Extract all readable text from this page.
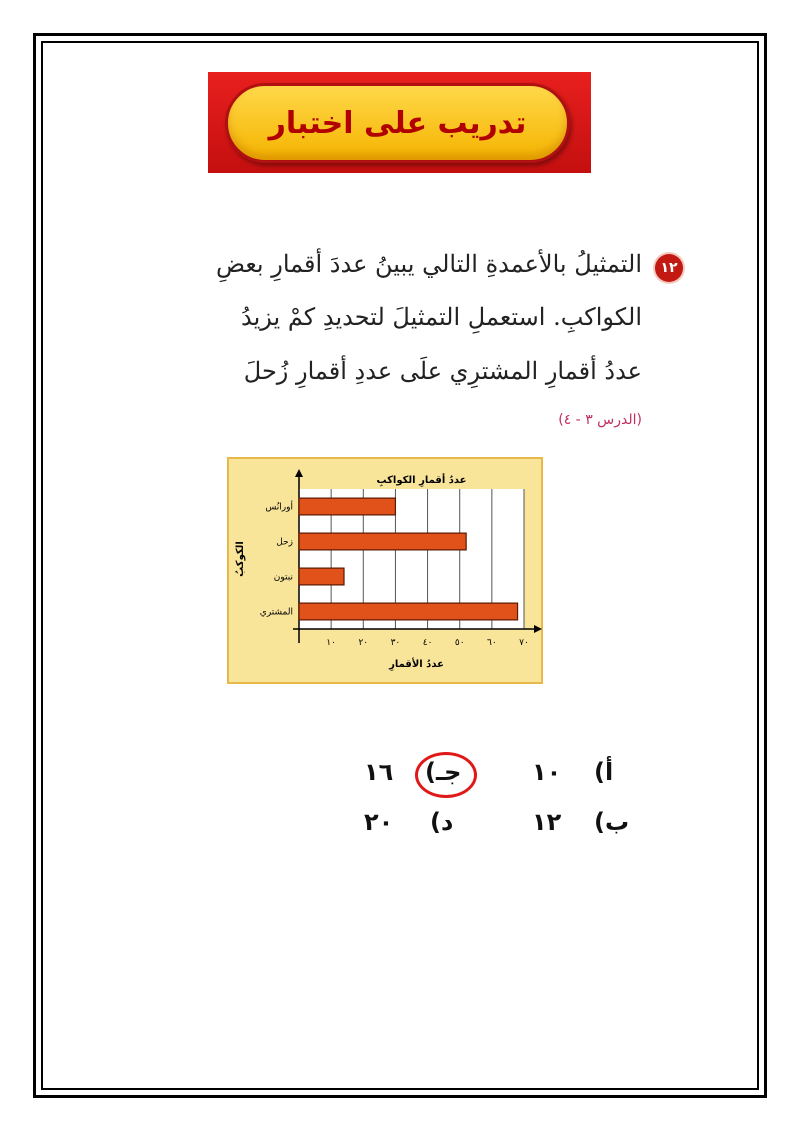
تدريب على اختبار
١٢
التمثيلُ بالأعمدةِ التالي يبينُ عددَ أقمارِ بعضِ
الكواكبِ. استعملِ التمثيلَ لتحديدِ كمْ يزيدُ
عددُ أقمارِ المشترِي علَى عددِ أقمارِ زُحلَ
(الدرس ٣ - ٤)
أورانُس
زحل
نبتون
المشتري
٠	١٠ ٢٠ ٣٠ ٤٠ ٥٠ ٦٠ ٧٠
عددُ أقمارِ الكواكبِ
عددُ الأقمارِ
الكوكبُ
أ)
١٠
جـ)
١٦
ب)
١٢
د)
٢٠
